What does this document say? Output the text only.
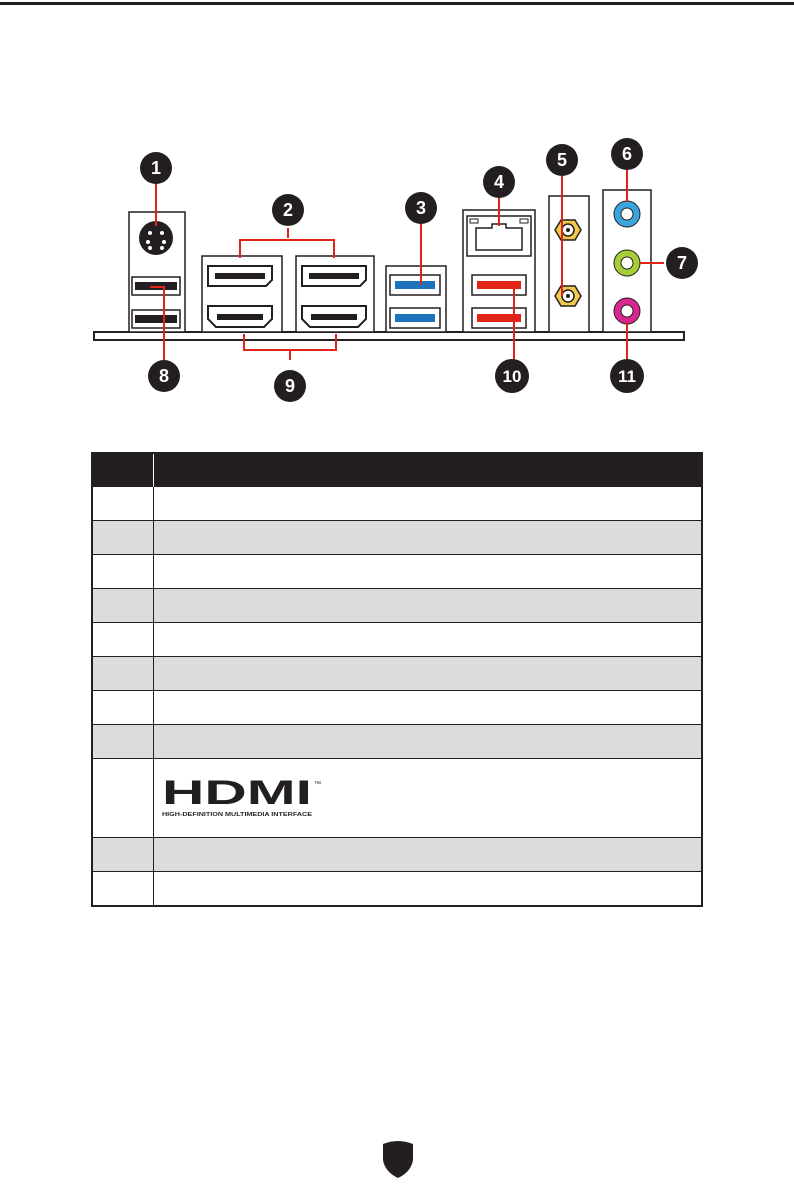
1
2	3
4
5	6
7
8	9	10	11

HDMI ™
HIGH-DEFINITION MULTIMEDIA INTERFACE
